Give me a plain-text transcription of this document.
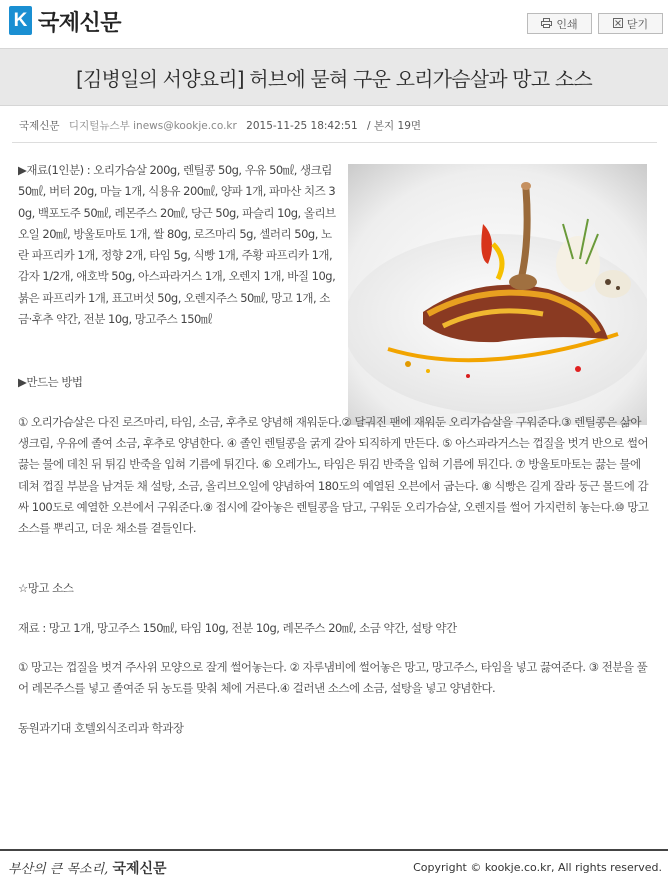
K 국제신문	인쇄	닫기
[김병일의 서양요리] 허브에 묻혀 구운 오리가슴살과 망고 소스
국제신문 디지털뉴스부 inews@kookje.co.kr 2015-11-25 18:42:51 / 본지 19면
▶재료(1인분) : 오리가슴살 200g, 렌틸콩 50g, 우유 50㎖, 생크림 50㎖, 버터 20g, 마늘 1개, 식용유 200㎖, 양파 1개, 파마산 치즈 30g, 백포도주 50㎖, 레몬주스 20㎖, 당근 50g, 파슬리 10g, 올리브오일 20㎖, 방울토마토 1개, 쌀 80g, 로즈마리 5g, 셀러리 50g, 노란 파프리카 1개, 정향 2개, 타임 5g, 식빵 1개, 주황 파프리카 1개, 감자 1/2개, 애호박 50g, 아스파라거스 1개, 오렌지 1개, 바질 10g, 붉은 파프리카 1개, 표고버섯 50g, 오렌지주스 50㎖, 망고 1개, 소금·후추 약간, 전분 10g, 망고주스 150㎖
▶만드는 방법
① 오리가슴살은 다진 로즈마리, 타임, 소금, 후추로 양념해 재워둔다.② 달궈진 팬에 재워둔 오리가슴살을 구워준다.③ 렌틸콩은 삶아 생크림, 우유에 졸여 소금, 후추로 양념한다. ④ 졸인 렌틸콩을 굵게 갈아 되직하게 만든다. ⑤ 아스파라거스는 껍질을 벗겨 반으로 썰어 끓는 물에 데친 뒤 튀김 반죽을 입혀 기름에 튀긴다. ⑥ 오레가노, 타임은 튀김 반죽을 입혀 기름에 튀긴다. ⑦ 방울토마토는 끓는 물에 데쳐 껍질 부분을 남겨둔 채 설탕, 소금, 올리브오일에 양념하여 180도의 예열된 오븐에서 굽는다. ⑧ 식빵은 길게 잘라 둥근 몰드에 감싸 100도로 예열한 오븐에서 구워준다.⑨ 접시에 갈아놓은 렌틸콩을 담고, 구워둔 오리가슴살, 오렌지를 썰어 가지런히 놓는다.⑩ 망고 소스를 뿌리고, 더운 채소를 곁들인다.
☆망고 소스
재료 : 망고 1개, 망고주스 150㎖, 타임 10g, 전분 10g, 레몬주스 20㎖, 소금 약간, 설탕 약간
① 망고는 껍질을 벗겨 주사위 모양으로 잘게 썰어놓는다. ② 자루냄비에 썰어놓은 망고, 망고주스, 타임을 넣고 끓여준다. ③ 전분을 풀어 레몬주스를 넣고 졸여준 뒤 농도를 맞춰 체에 거른다.④ 걸러낸 소스에 소금, 설탕을 넣고 양념한다.
동원과기대 호텔외식조리과 학과장
부산의 큰 목소리, 국제신문	Copyright © kookje.co.kr, All rights reserved.
